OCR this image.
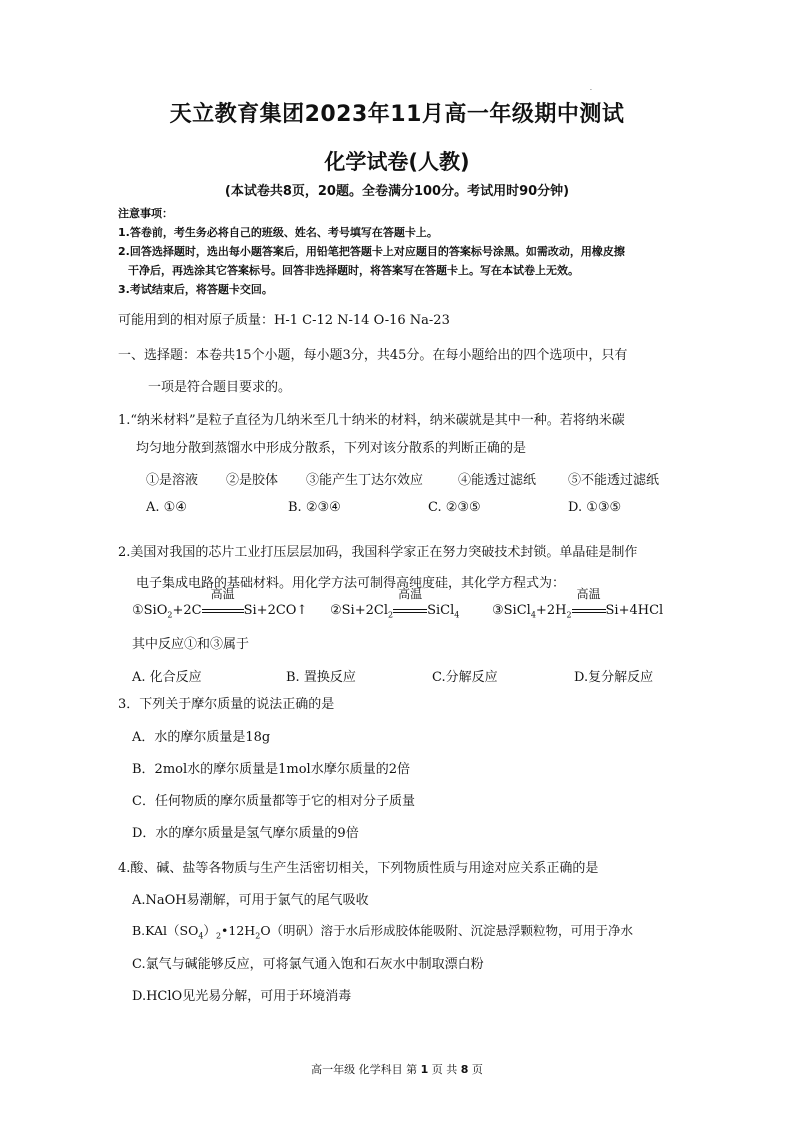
·
天立教育集团2023年11月高一年级期中测试
化学试卷(人教)
(本试卷共8页，20题。全卷满分100分。考试用时90分钟)
注意事项：
1.答卷前，考生务必将自己的班级、姓名、考号填写在答题卡上。
2.回答选择题时，选出每小题答案后，用铅笔把答题卡上对应题目的答案标号涂黑。如需改动，用橡皮擦
干净后，再选涂其它答案标号。回答非选择题时，将答案写在答题卡上。写在本试卷上无效。
3.考试结束后，将答题卡交回。
可能用到的相对原子质量：H-1 C-12 N-14 O-16 Na-23
一、选择题：本卷共15个小题，每小题3分，共45分。在每小题给出的四个选项中，只有
一项是符合题目要求的。
1.“纳米材料”是粒子直径为几纳米至几十纳米的材料，纳米碳就是其中一种。若将纳米碳
均匀地分散到蒸馏水中形成分散系，下列对该分散系的判断正确的是
①是溶液 ②是胶体 ③能产生丁达尔效应	④能透过滤纸 ⑤不能透过滤纸
A. ①④	B. ②③④	C. ②③⑤	D. ①③⑤
2.美国对我国的芯片工业打压层层加码，我国科学家正在努力突破技术封锁。单晶硅是制作
电子集成电路的基础材料。用化学方法可制得高纯度硅，其化学方程式为：
①SiO$_2$+2C
高温
Si+2CO↑ $②Si+2Cl_2$
高温
SiCl$_4$	$③SiCl_4+2H_2$
高温
Si+4HCl
其中反应①和③属于
A. 化合反应	B. 置换反应	C.分解反应	D.复分解反应
3．下列关于摩尔质量的说法正确的是
A．水的摩尔质量是18g
B．2mol水的摩尔质量是1mol水摩尔质量的2倍
C．任何物质的摩尔质量都等于它的相对分子质量
D．水的摩尔质量是氢气摩尔质量的9倍
4.酸、碱、盐等各物质与生产生活密切相关，下列物质性质与用途对应关系正确的是
A.NaOH易潮解，可用于氯气的尾气吸收
$B.KAl(SO_4)_2•12H_2O$（明矾）溶于水后形成胶体能吸附、沉淀悬浮颗粒物，可用于净水
C.氯气与碱能够反应，可将氯气通入饱和石灰水中制取漂白粉
D.HClO见光易分解，可用于环境消毒
高一年级 化学科目 第 1 页 共 8 页
